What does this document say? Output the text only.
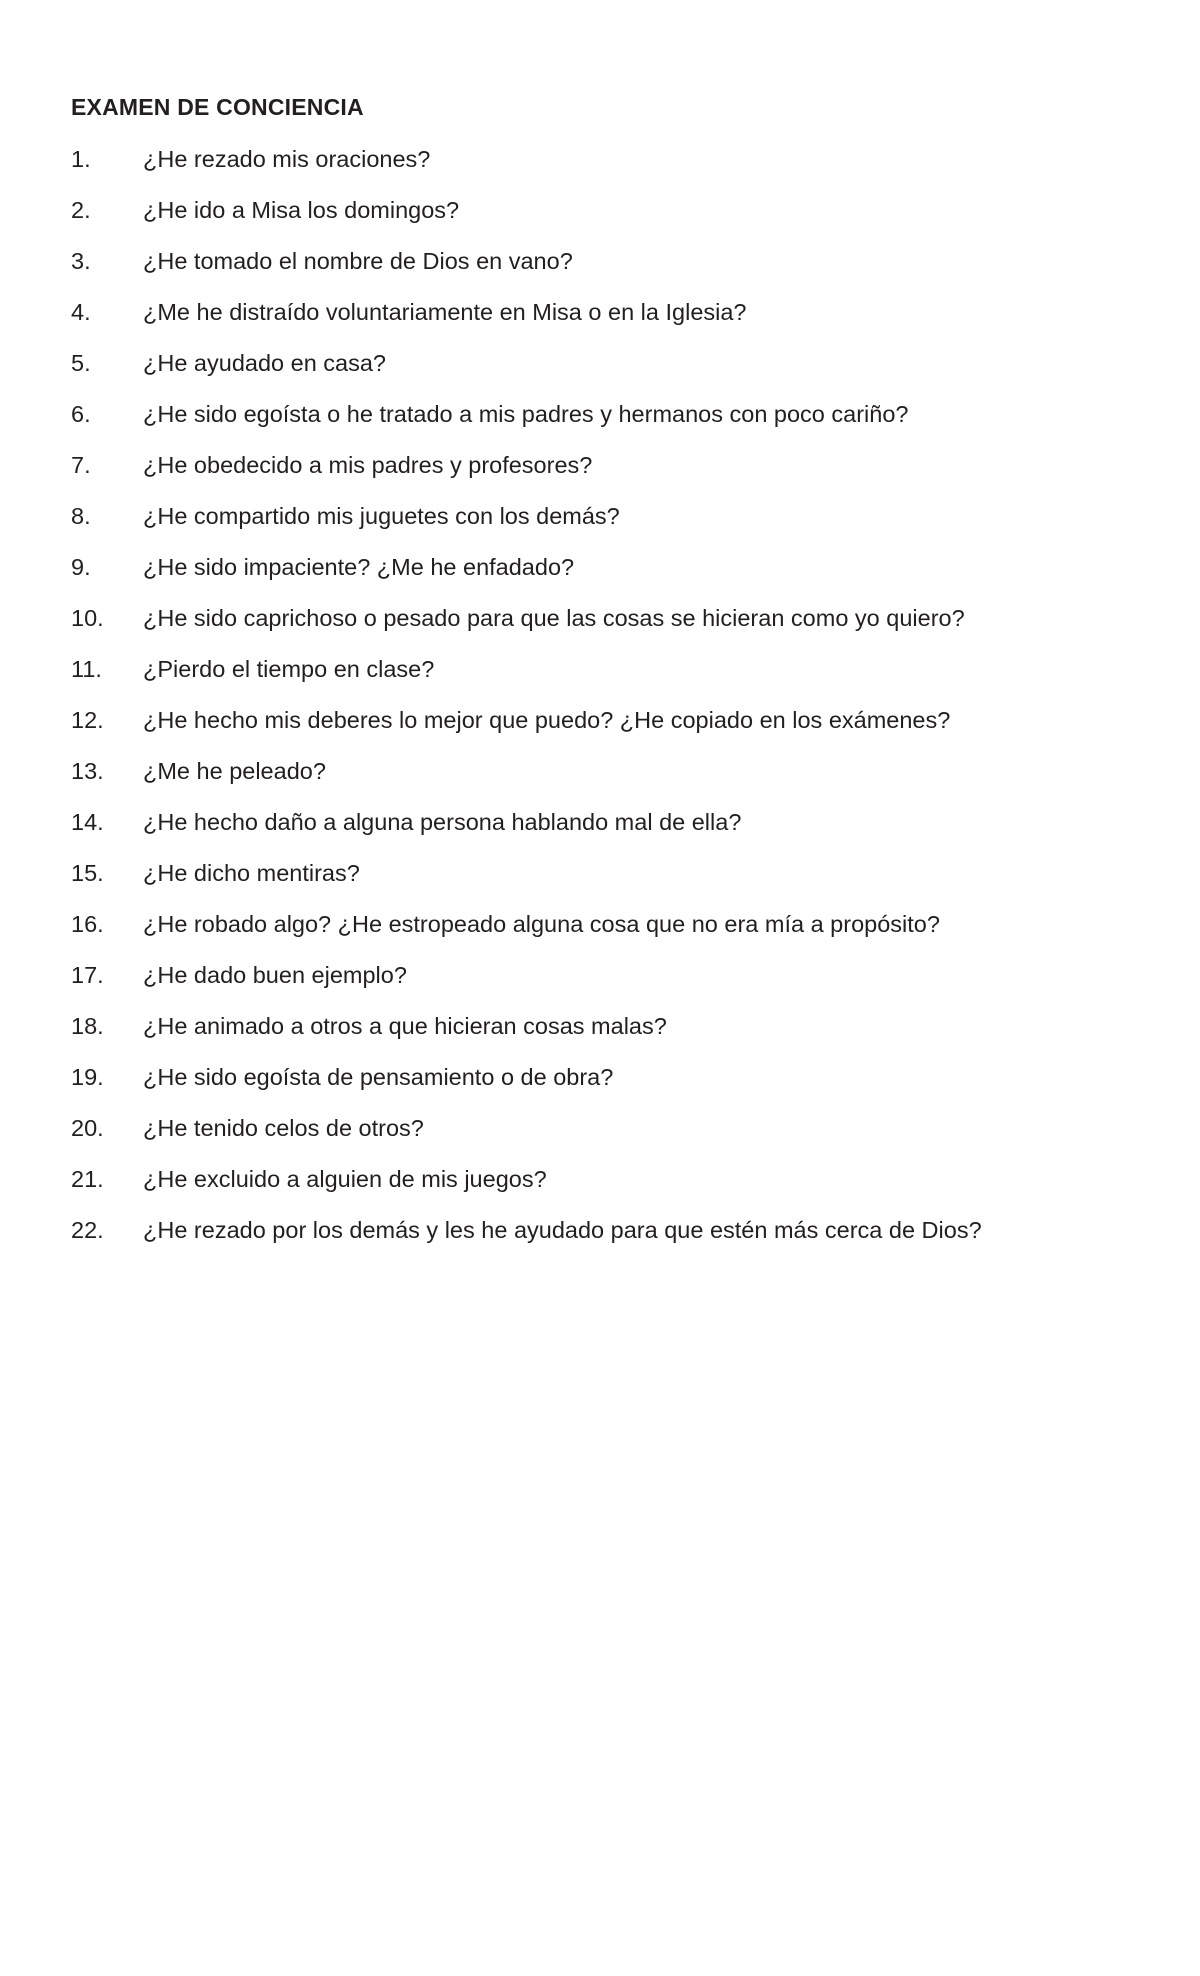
EXAMEN DE CONCIENCIA
1. ¿He rezado mis oraciones?
2. ¿He ido a Misa los domingos?
3. ¿He tomado el nombre de Dios en vano?
4. ¿Me he distraído voluntariamente en Misa o en la Iglesia?
5. ¿He ayudado en casa?
6. ¿He sido egoísta o he tratado a mis padres y hermanos con poco cariño?
7. ¿He obedecido a mis padres y profesores?
8. ¿He compartido mis juguetes con los demás?
9. ¿He sido impaciente? ¿Me he enfadado?
10. ¿He sido caprichoso o pesado para que las cosas se hicieran como yo quiero?
11. ¿Pierdo el tiempo en clase?
12. ¿He hecho mis deberes lo mejor que puedo? ¿He copiado en los exámenes?
13. ¿Me he peleado?
14. ¿He hecho daño a alguna persona hablando mal de ella?
15. ¿He dicho mentiras?
16. ¿He robado algo? ¿He estropeado alguna cosa que no era mía a propósito?
17. ¿He dado buen ejemplo?
18. ¿He animado a otros a que hicieran cosas malas?
19. ¿He sido egoísta de pensamiento o de obra?
20. ¿He tenido celos de otros?
21. ¿He excluido a alguien de mis juegos?
22. ¿He rezado por los demás y les he ayudado para que estén más cerca de Dios?
